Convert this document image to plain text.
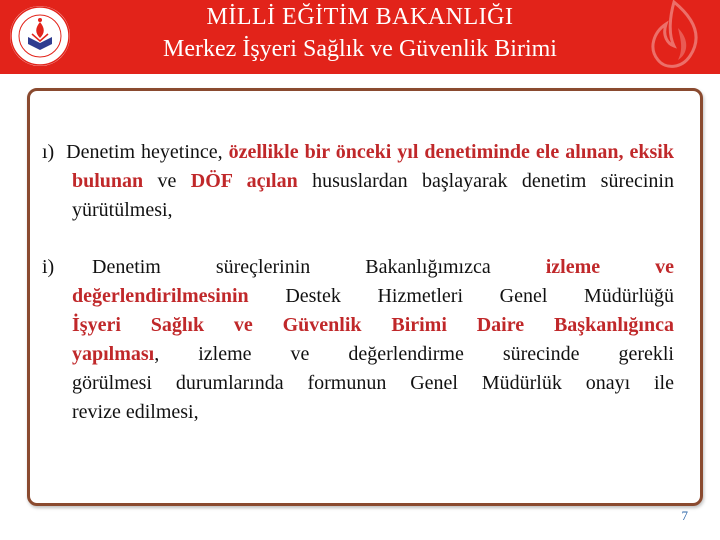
MİLLİ EĞİTİM BAKANLIĞI
Merkez İşyeri Sağlık ve Güvenlik Birimi
ı) Denetim heyetince, özellikle bir önceki yıl denetiminde ele alınan, eksik bulunan ve DÖF açılan hususlardan başlayarak denetim sürecinin yürütülmesi,
i) Denetim süreçlerinin Bakanlığımızca	izleme ve
değerlendirilmesinin Destek Hizmetleri Genel Müdürlüğü
İşyeri Sağlık ve Güvenlik Birimi Daire Başkanlığınca
yapılması, izleme ve değerlendirme sürecinde gerekli
görülmesi durumlarında formunun Genel Müdürlük onayı ile
revize edilmesi,
7
